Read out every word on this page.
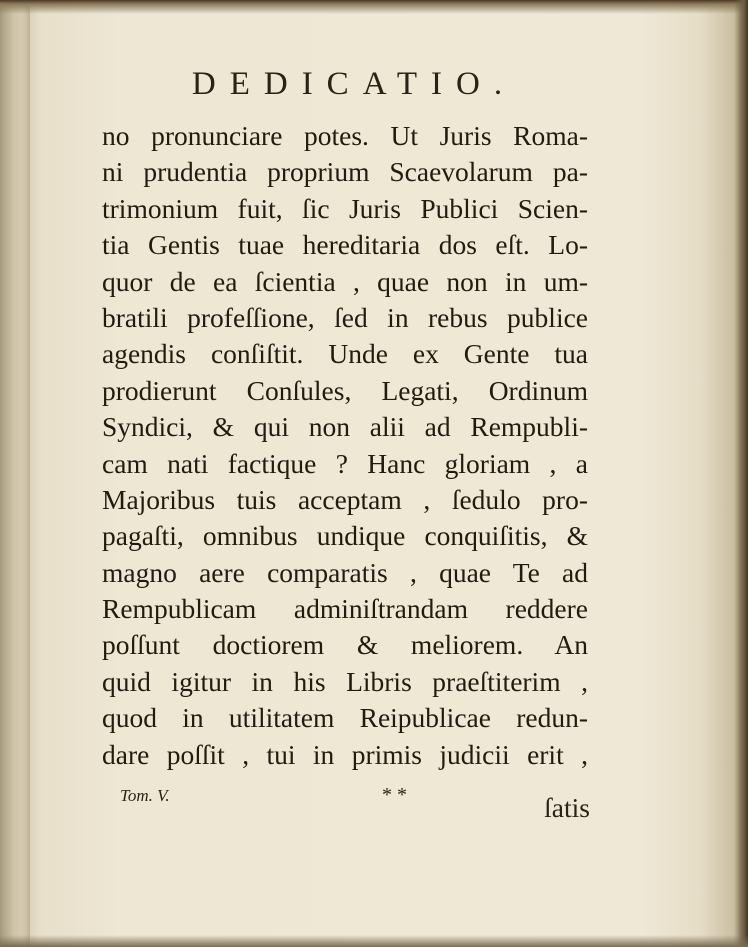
DEDICATIO.
no pronunciare potes. Ut Juris Roma-
ni prudentia proprium Scaevolarum pa-
trimonium fuit, ſic Juris Publici Scien-
tia Gentis tuae hereditaria dos eſt. Lo-
quor de ea ſcientia , quae non in um-
bratili profeſſione, ſed in rebus publice
agendis conſiſtit. Unde ex Gente tua
prodierunt Conſules, Legati, Ordinum
Syndici, & qui non alii ad Rempubli-
cam nati factique ? Hanc gloriam , a
Majoribus tuis acceptam , ſedulo pro-
pagaſti, omnibus undique conquiſitis, &
magno aere comparatis , quae Te ad
Rempublicam adminiſtrandam reddere
poſſunt doctiorem & meliorem. An
quid igitur in his Libris praeſtiterim ,
quod in utilitatem Reipublicae redun-
dare poſſit , tui in primis judicii erit ,
Tom. V.	* *	ſatis
